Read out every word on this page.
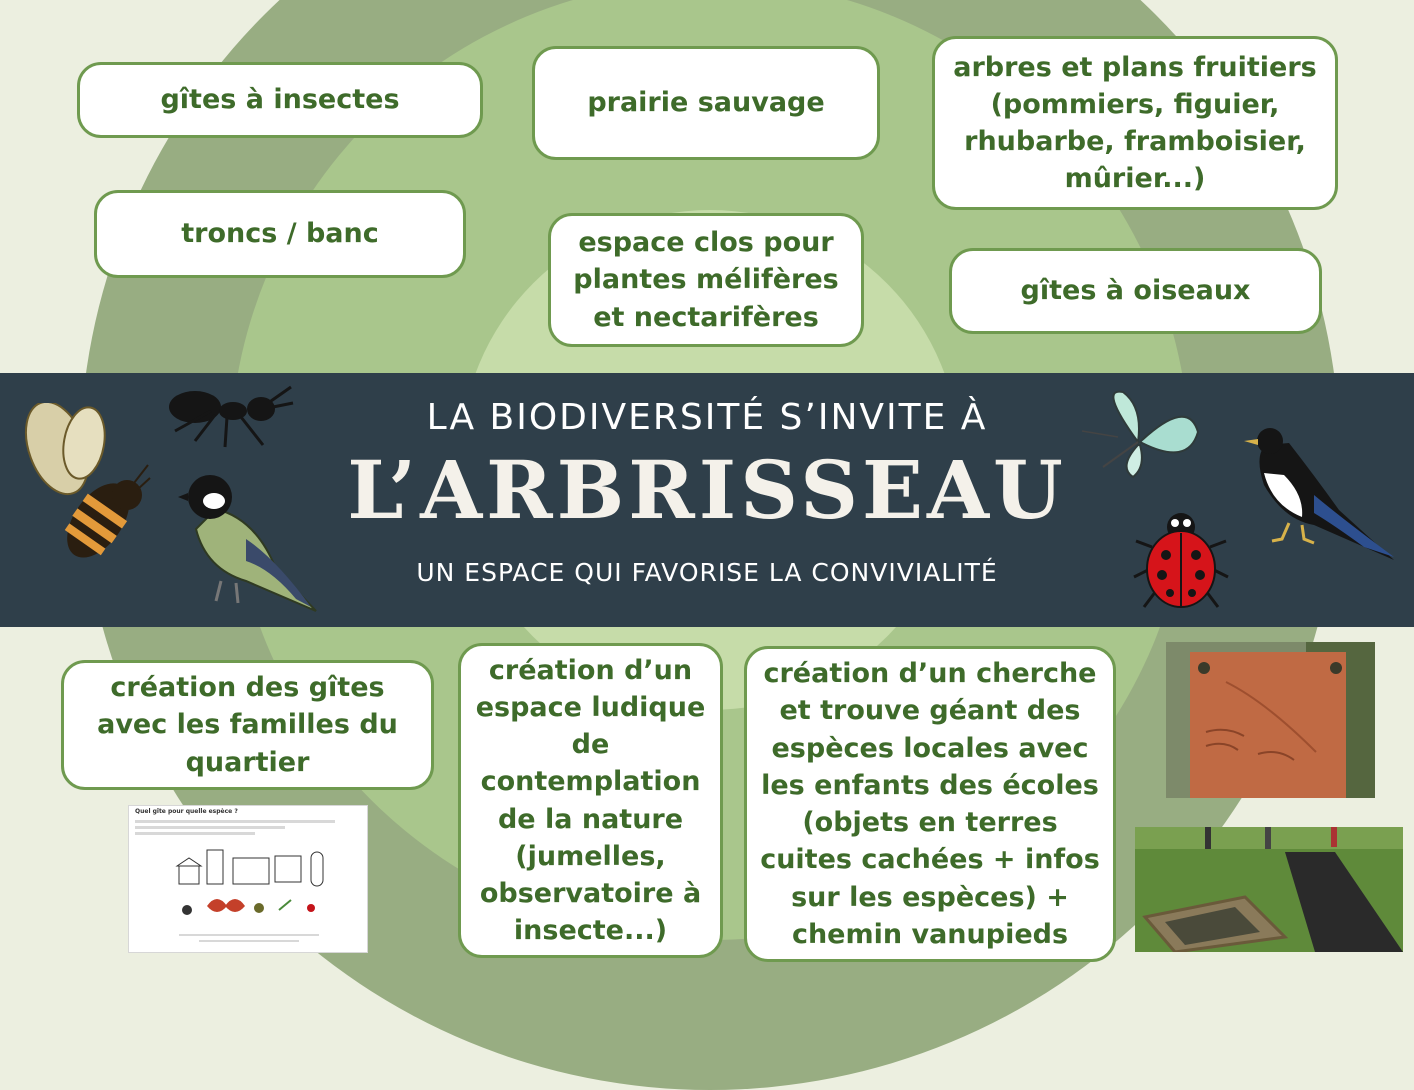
gîtes à insectes	prairie sauvage
arbres et plans fruitiers (pommiers, figuier, rhubarbe, framboisier, mûrier...)
troncs / banc	espace clos pour plantes mélifères et nectarifères
gîtes à oiseaux
LA BIODIVERSITÉ S’INVITE À
L’ARBRISSEAU
UN ESPACE QUI FAVORISE LA CONVIVIALITÉ
création des gîtes avec les familles du quartier
création d’un espace ludique de contemplation de la nature (jumelles, observatoire à insecte...)
création d’un cherche et trouve géant des espèces locales avec les enfants des écoles (objets en terres cuites cachées + infos sur les espèces) + chemin vanupieds
Quel gîte pour quelle espèce ?
